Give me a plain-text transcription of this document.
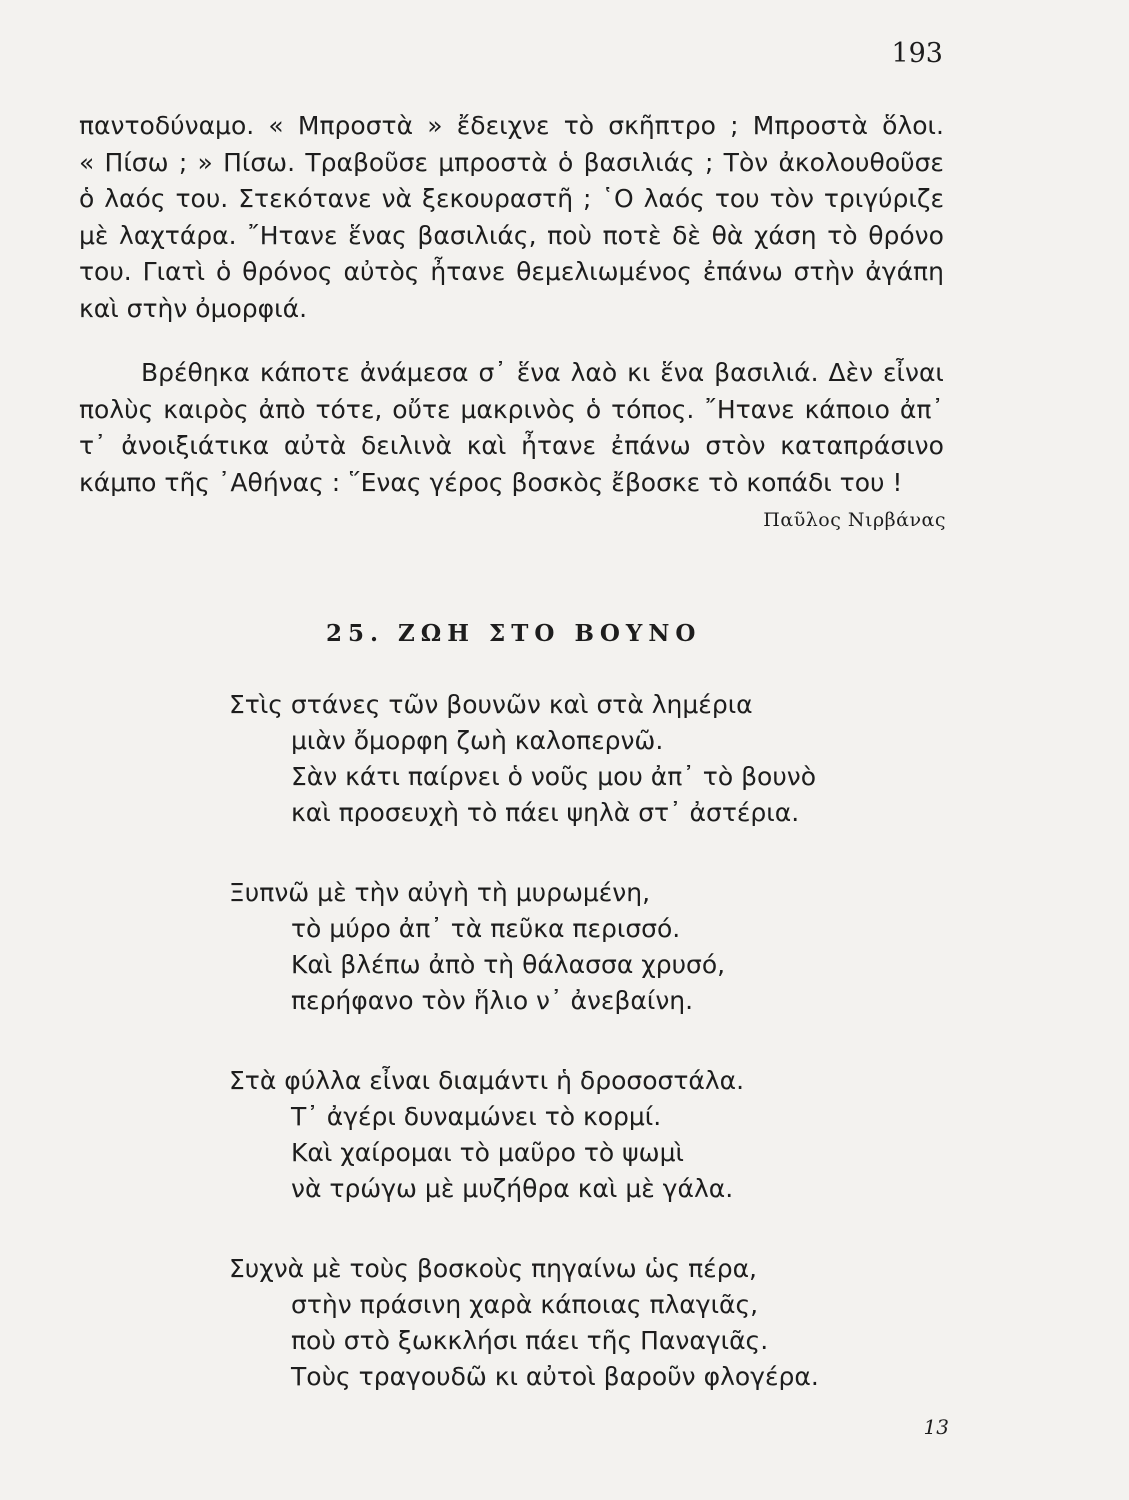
193
παντοδύναμο. « Μπροστὰ » ἔδειχνε τὸ σκῆπτρο ; Μπροστὰ ὅλοι.
« Πίσω ; » Πίσω. Τραβοῦσε μπροστὰ ὁ βασιλιάς ; Τὸν ἀκολουθοῦσε
ὁ λαός του. Στεκότανε νὰ ξεκουραστῆ ; ῾Ο λαός του τὸν τριγύριζε
μὲ λαχτάρα. ῎Ητανε ἕνας βασιλιάς, ποὺ ποτὲ δὲ θὰ χάση τὸ θρόνο
του. Γιατὶ ὁ θρόνος αὐτὸς ἦτανε θεμελιωμένος ἐπάνω στὴν ἀγάπη
καὶ στὴν ὀμορφιά.
Βρέθηκα κάποτε ἀνάμεσα σ᾿ ἕνα λαὸ κι ἕνα βασιλιά. Δὲν εἶναι
πολὺς καιρὸς ἀπὸ τότε, οὔτε μακρινὸς ὁ τόπος. ῎Ητανε κάποιο ἀπ᾿
τ᾿ ἀνοιξιάτικα αὐτὰ δειλινὰ καὶ ἦτανε ἐπάνω στὸν καταπράσινο
κάμπο τῆς ᾿Αθήνας : ῞Ενας γέρος βοσκὸς ἔβοσκε τὸ κοπάδι του !
Παῦλος Νιρβάνας
25. ΖΩΗ ΣΤΟ ΒΟΥΝΟ
Στὶς στάνες τῶν βουνῶν καὶ στὰ λημέρια
μιὰν ὄμορφη ζωὴ καλοπερνῶ.
Σὰν κάτι παίρνει ὁ νοῦς μου ἀπ᾿ τὸ βουνὸ
καὶ προσευχὴ τὸ πάει ψηλὰ στ᾿ ἀστέρια.
Ξυπνῶ μὲ τὴν αὐγὴ τὴ μυρωμένη,
τὸ μύρο ἀπ᾿ τὰ πεῦκα περισσό.
Καὶ βλέπω ἀπὸ τὴ θάλασσα χρυσό,
περήφανο τὸν ἥλιο ν᾿ ἀνεβαίνη.
Στὰ φύλλα εἶναι διαμάντι ἡ δροσοστάλα.
Τ᾿ ἀγέρι δυναμώνει τὸ κορμί.
Καὶ χαίρομαι τὸ μαῦρο τὸ ψωμὶ
νὰ τρώγω μὲ μυζήθρα καὶ μὲ γάλα.
Συχνὰ μὲ τοὺς βοσκοὺς πηγαίνω ὡς πέρα,
στὴν πράσινη χαρὰ κάποιας πλαγιᾶς,
ποὺ στὸ ξωκκλήσι πάει τῆς Παναγιᾶς.
Τοὺς τραγουδῶ κι αὐτοὶ βαροῦν φλογέρα.
13
